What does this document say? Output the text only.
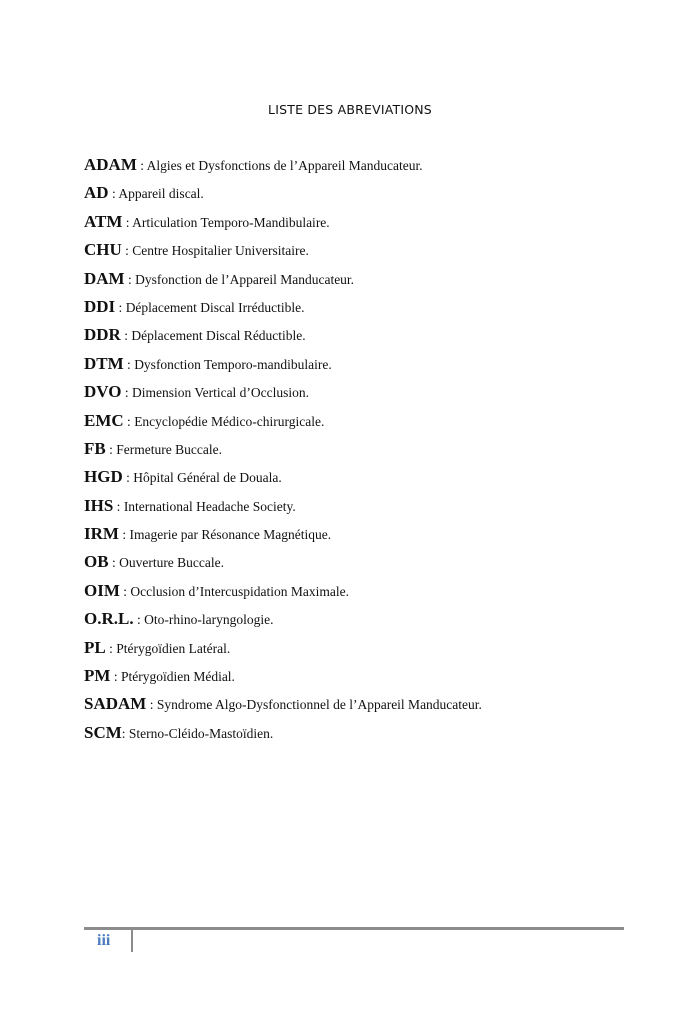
LISTE DES ABREVIATIONS
ADAM : Algies et Dysfonctions de l’Appareil Manducateur.
AD : Appareil discal.
ATM : Articulation Temporo-Mandibulaire.
CHU : Centre Hospitalier Universitaire.
DAM : Dysfonction de l’Appareil Manducateur.
DDI : Déplacement Discal Irréductible.
DDR : Déplacement Discal Réductible.
DTM : Dysfonction Temporo-mandibulaire.
DVO : Dimension Vertical d’Occlusion.
EMC : Encyclopédie Médico-chirurgicale.
FB : Fermeture Buccale.
HGD : Hôpital Général de Douala.
IHS : International Headache Society.
IRM : Imagerie par Résonance Magnétique.
OB : Ouverture Buccale.
OIM : Occlusion d’Intercuspidation Maximale.
O.R.L. : Oto-rhino-laryngologie.
PL : Ptérygoïdien Latéral.
PM : Ptérygoïdien Médial.
SADAM : Syndrome Algo-Dysfonctionnel de l’Appareil Manducateur.
SCM: Sterno-Cléido-Mastoïdien.
iii
